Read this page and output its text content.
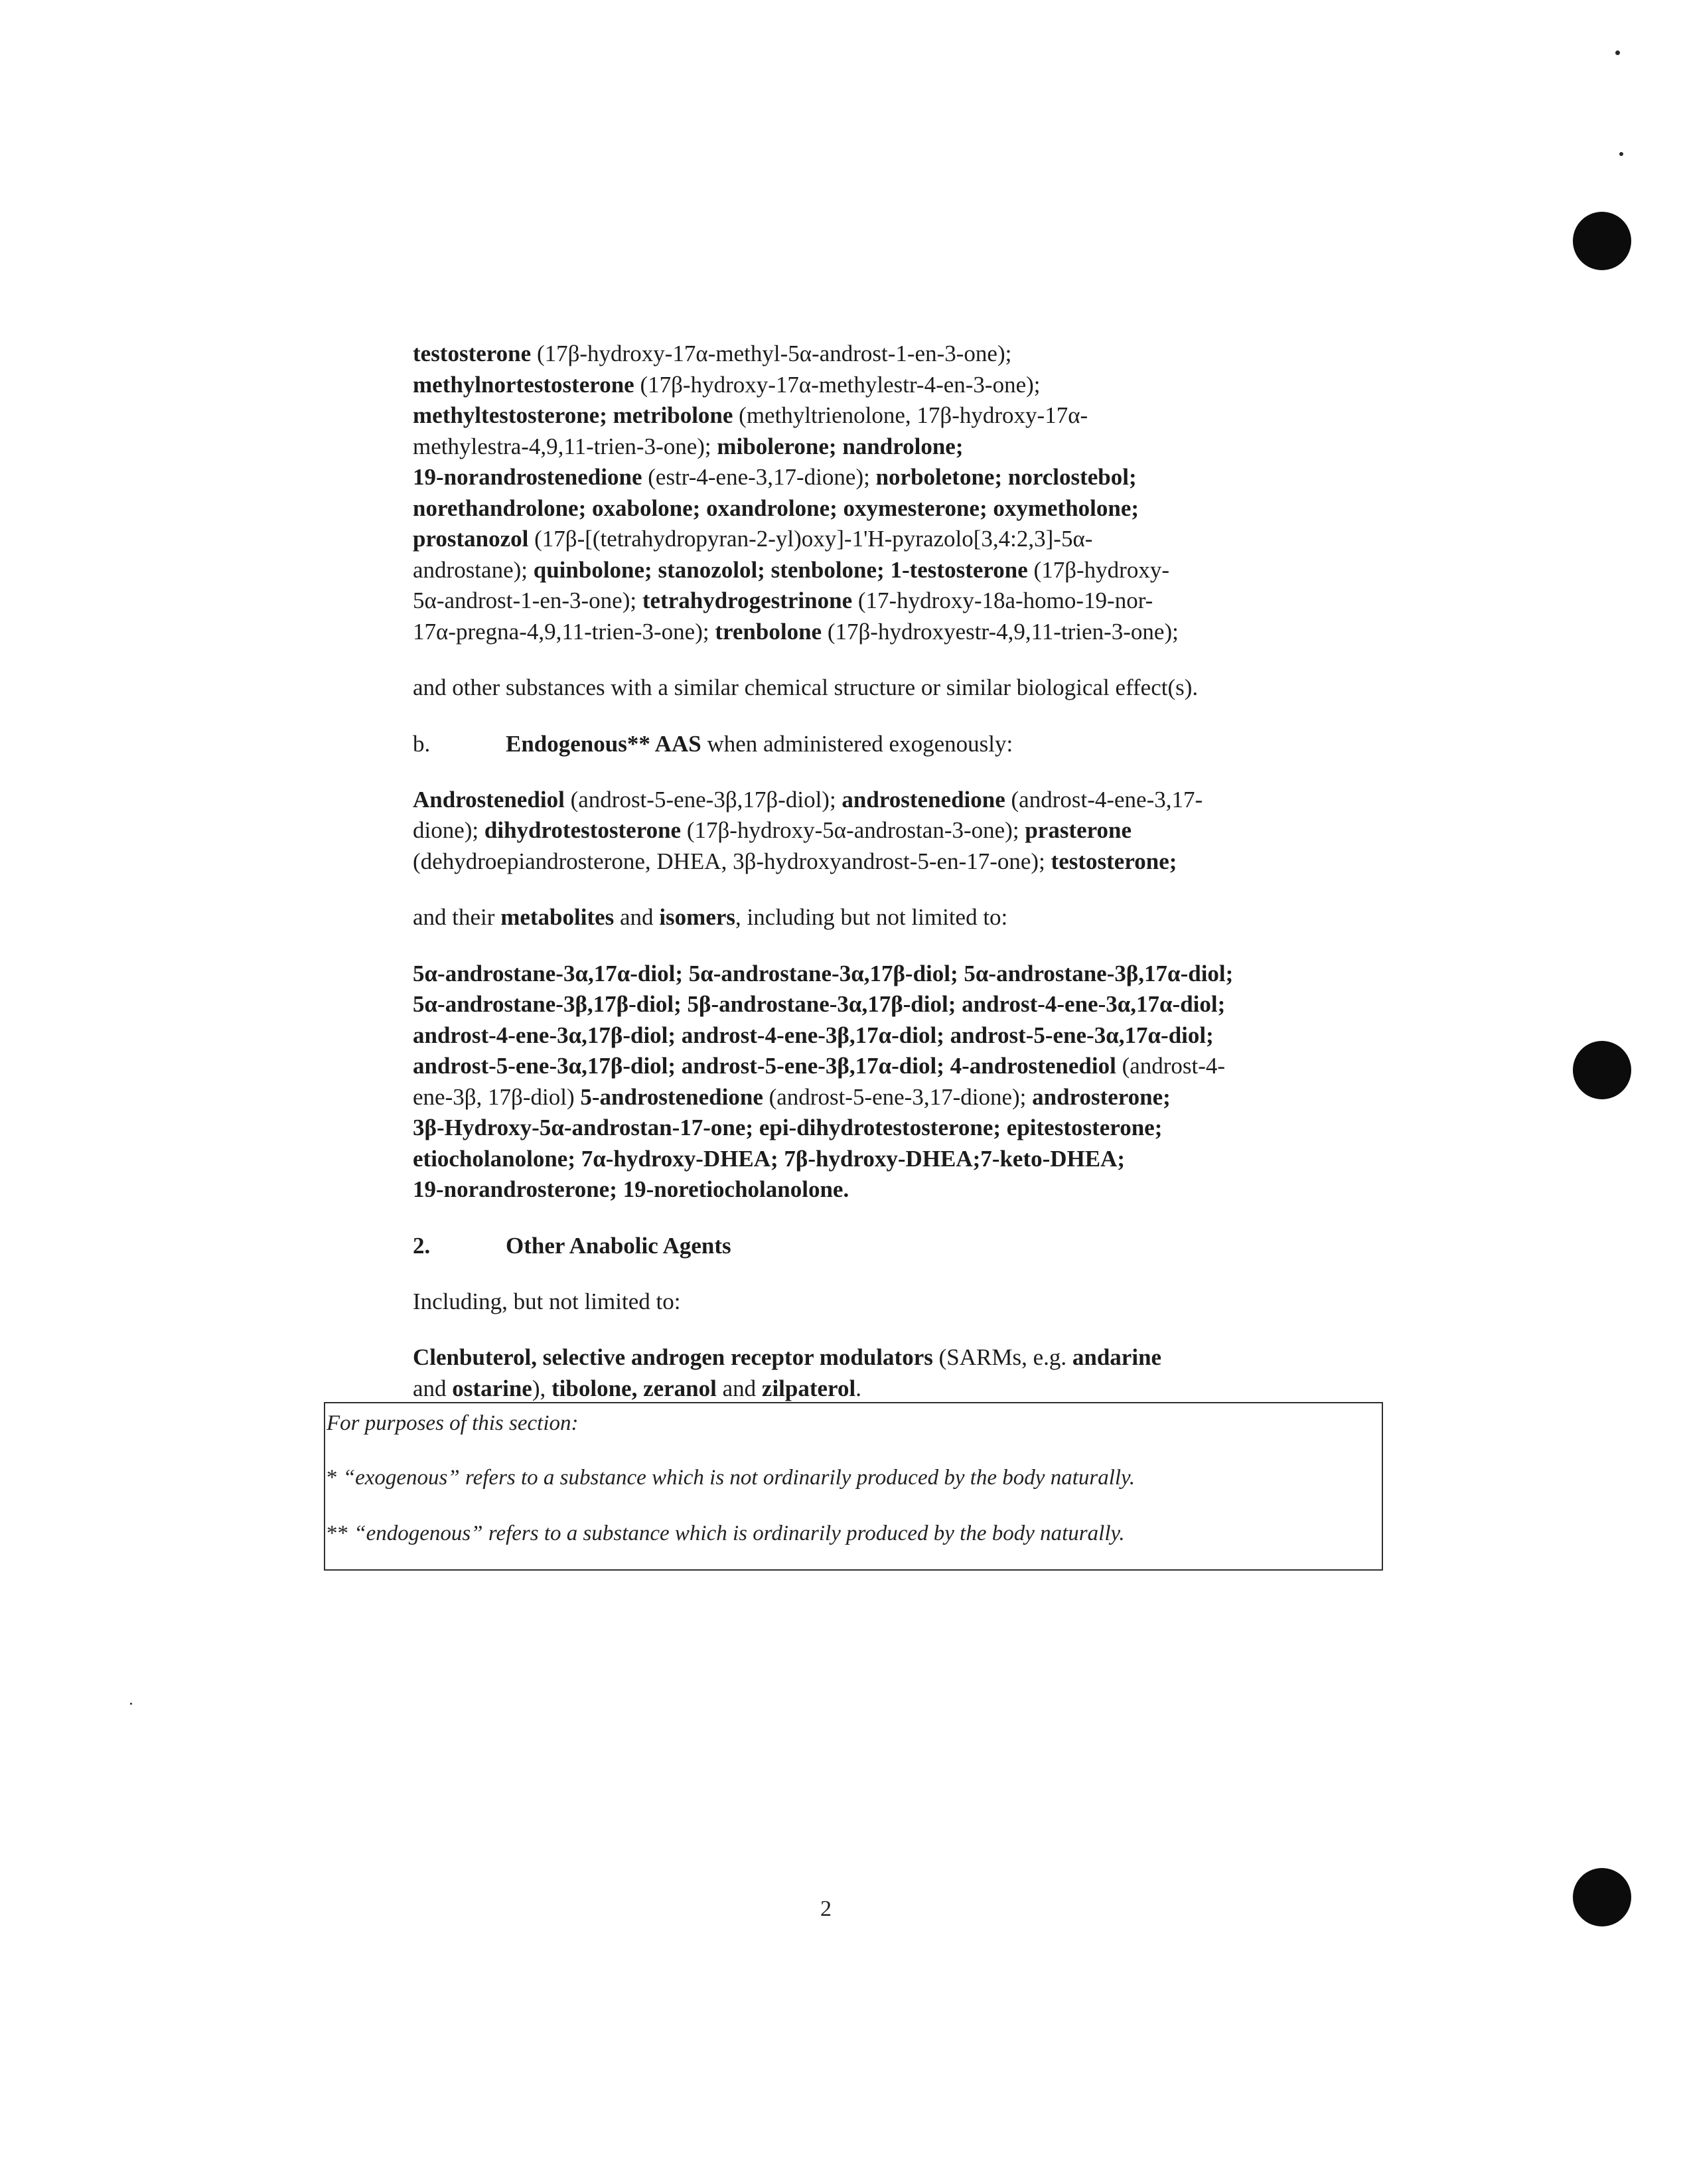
testosterone (17β-hydroxy-17α-methyl-5α-androst-1-en-3-one);
methylnortestosterone (17β-hydroxy-17α-methylestr-4-en-3-one);
methyltestosterone; metribolone (methyltrienolone, 17β-hydroxy-17α-
methylestra-4,9,11-trien-3-one); mibolerone; nandrolone;
19-norandrostenedione (estr-4-ene-3,17-dione); norboletone; norclostebol;
norethandrolone; oxabolone; oxandrolone; oxymesterone; oxymetholone;
prostanozol (17β-[(tetrahydropyran-2-yl)oxy]-1'H-pyrazolo[3,4:2,3]-5α-
androstane); quinbolone; stanozolol; stenbolone; 1-testosterone (17β-hydroxy-
5α-androst-1-en-3-one); tetrahydrogestrinone (17-hydroxy-18a-homo-19-nor-
17α-pregna-4,9,11-trien-3-one); trenbolone (17β-hydroxyestr-4,9,11-trien-3-one);

and other substances with a similar chemical structure or similar biological effect(s).

b.	Endogenous** AAS when administered exogenously:
Androstenediol (androst-5-ene-3β,17β-diol); androstenedione (androst-4-ene-3,17-
dione); dihydrotestosterone (17β-hydroxy-5α-androstan-3-one); prasterone
(dehydroepiandrosterone, DHEA, 3β-hydroxyandrost-5-en-17-one); testosterone;

and their metabolites and isomers, including but not limited to:

5α-androstane-3α,17α-diol; 5α-androstane-3α,17β-diol; 5α-androstane-3β,17α-diol;
5α-androstane-3β,17β-diol; 5β-androstane-3α,17β-diol; androst-4-ene-3α,17α-diol;
androst-4-ene-3α,17β-diol; androst-4-ene-3β,17α-diol; androst-5-ene-3α,17α-diol;
androst-5-ene-3α,17β-diol; androst-5-ene-3β,17α-diol; 4-androstenediol (androst-4-
ene-3β, 17β-diol) 5-androstenedione (androst-5-ene-3,17-dione); androsterone;
3β-Hydroxy-5α-androstan-17-one; epi-dihydrotestosterone; epitestosterone;
etiocholanolone; 7α-hydroxy-DHEA; 7β-hydroxy-DHEA;7-keto-DHEA;
19-norandrosterone; 19-noretiocholanolone.
2.	Other Anabolic Agents

Including, but not limited to:

Clenbuterol, selective androgen receptor modulators (SARMs, e.g. andarine
and ostarine), tibolone, zeranol and zilpaterol.

For purposes of this section:

* “exogenous” refers to a substance which is not ordinarily produced by the body naturally.

** “endogenous” refers to a substance which is ordinarily produced by the body naturally.

2
